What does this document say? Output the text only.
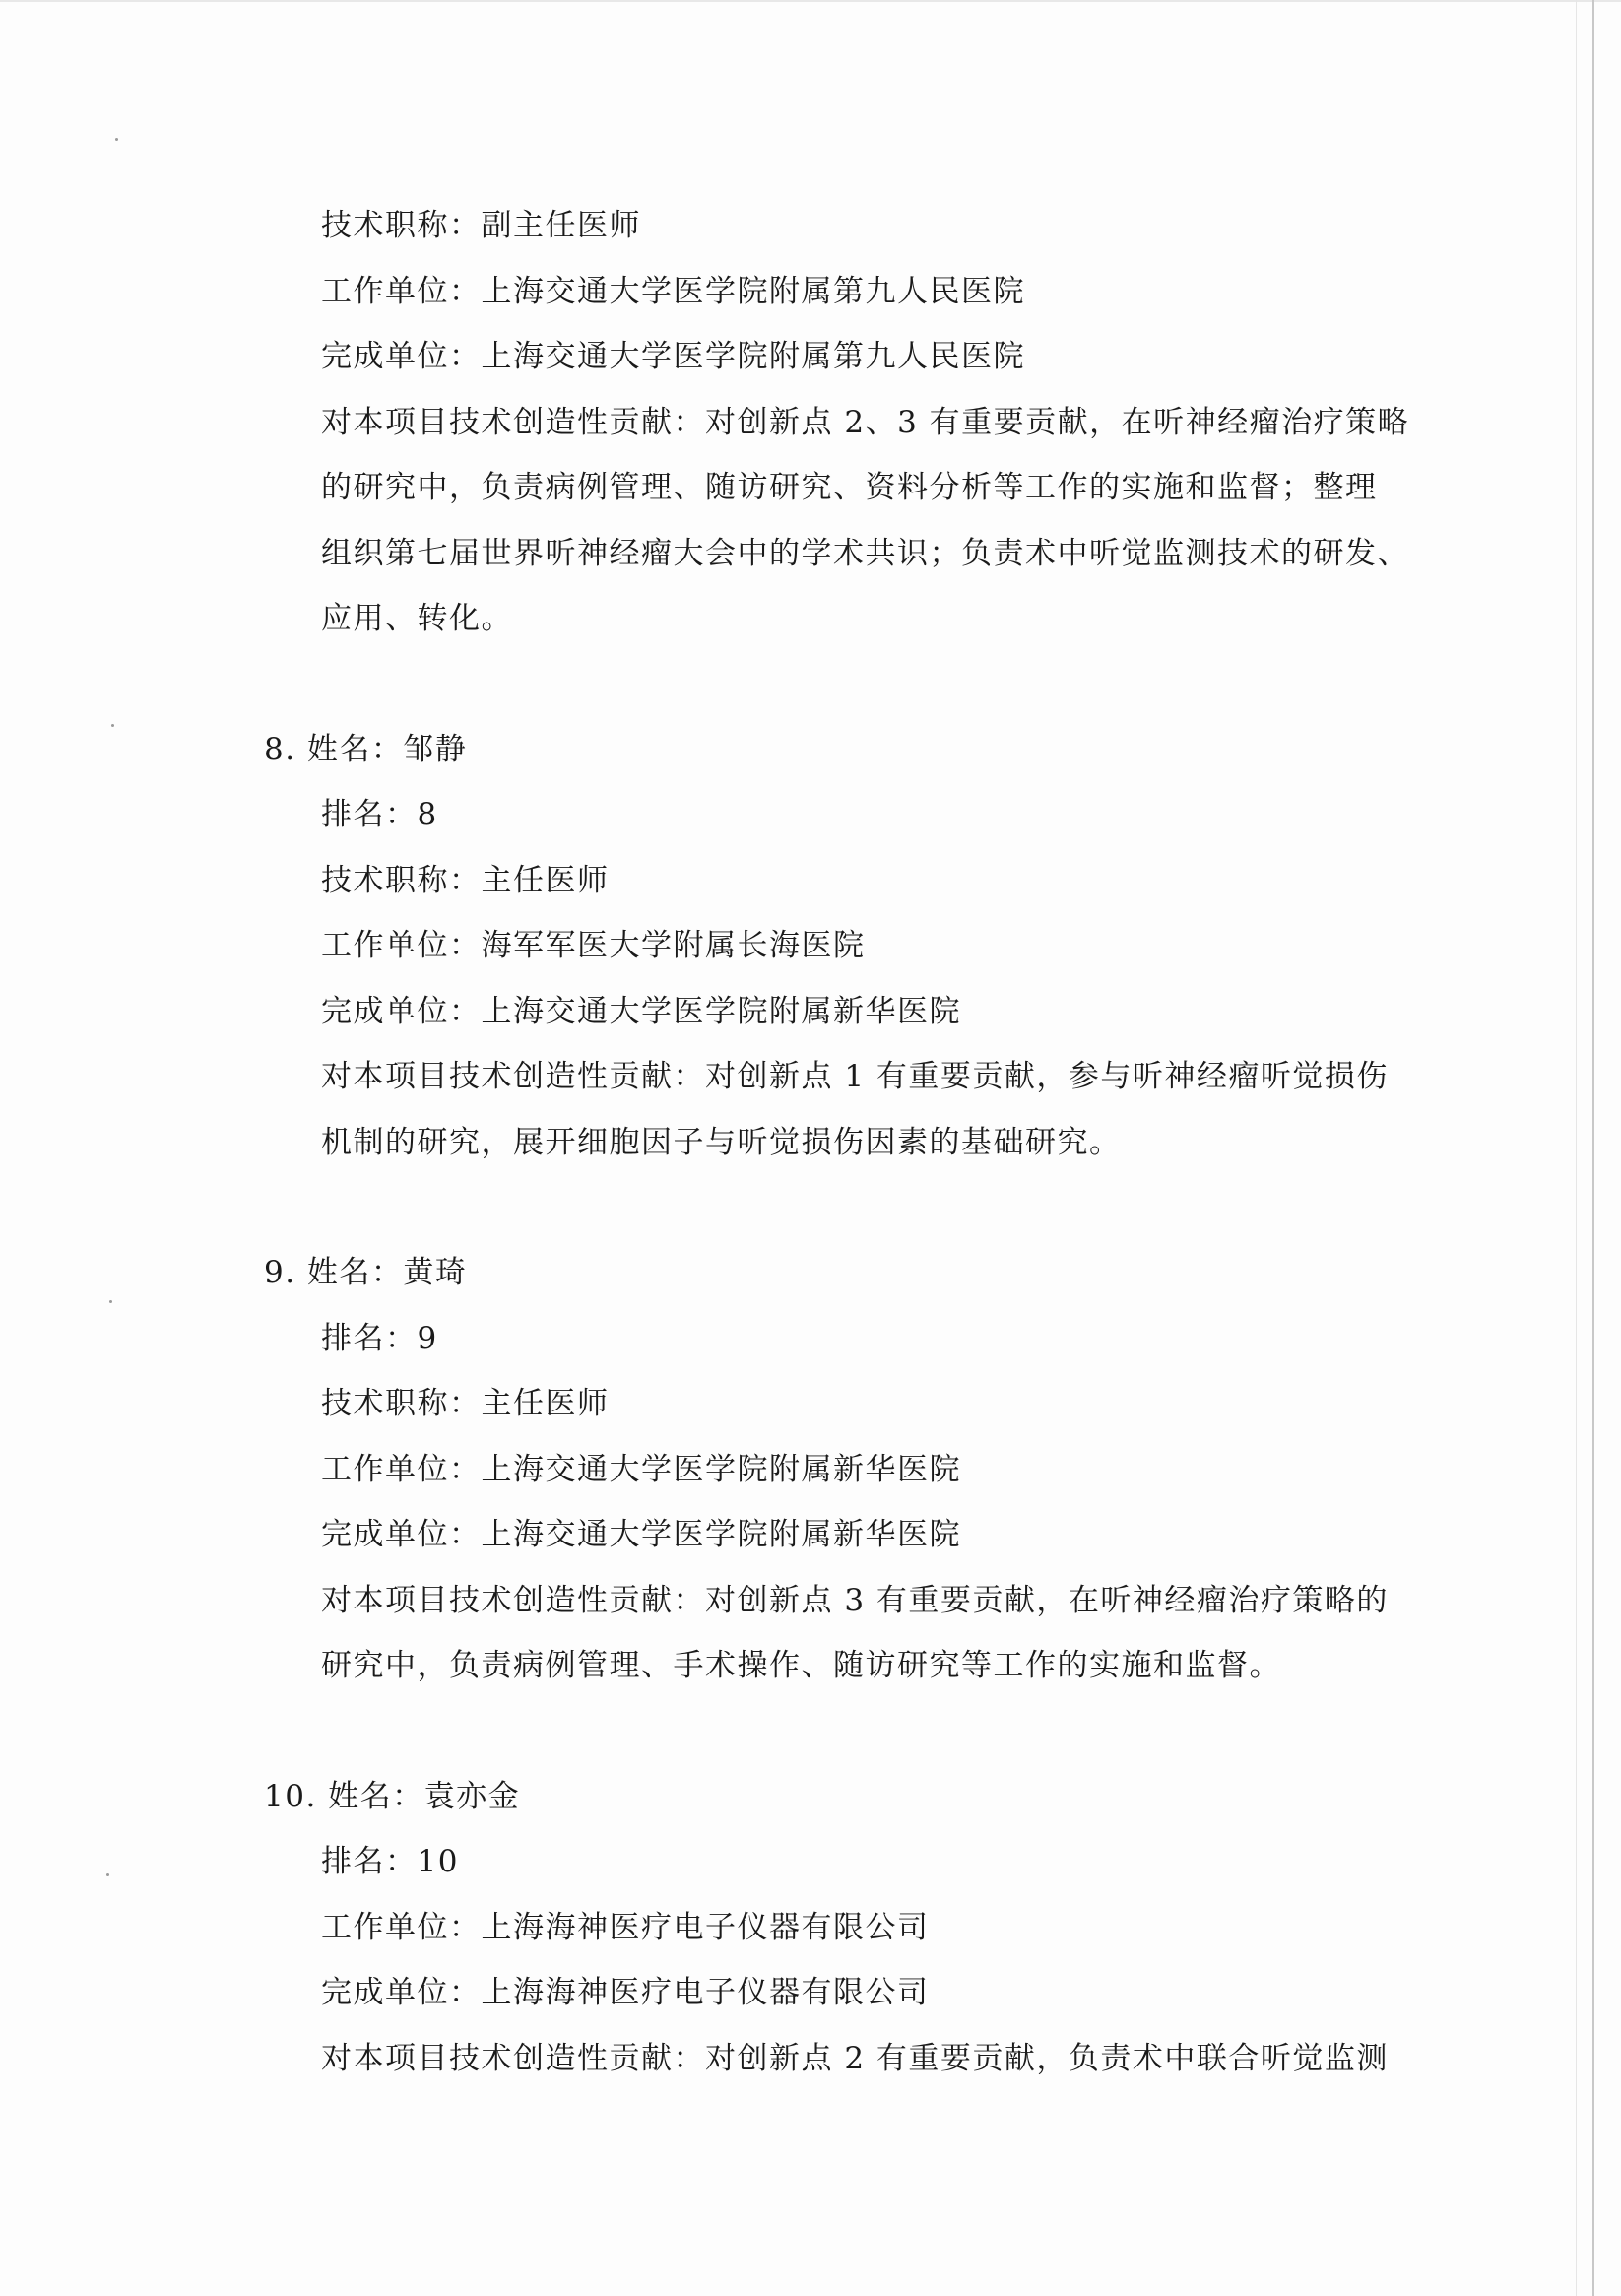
技术职称：副主任医师
工作单位：上海交通大学医学院附属第九人民医院
完成单位：上海交通大学医学院附属第九人民医院
对本项目技术创造性贡献：对创新点 2、3 有重要贡献，在听神经瘤治疗策略
的研究中，负责病例管理、随访研究、资料分析等工作的实施和监督；整理
组织第七届世界听神经瘤大会中的学术共识；负责术中听觉监测技术的研发、
应用、转化。
8. 姓名：邹静
排名：8
技术职称：主任医师
工作单位：海军军医大学附属长海医院
完成单位：上海交通大学医学院附属新华医院
对本项目技术创造性贡献：对创新点 1 有重要贡献，参与听神经瘤听觉损伤
机制的研究，展开细胞因子与听觉损伤因素的基础研究。
9. 姓名：黄琦
排名：9
技术职称：主任医师
工作单位：上海交通大学医学院附属新华医院
完成单位：上海交通大学医学院附属新华医院
对本项目技术创造性贡献：对创新点 3 有重要贡献，在听神经瘤治疗策略的
研究中，负责病例管理、手术操作、随访研究等工作的实施和监督。
10. 姓名：袁亦金
排名：10
工作单位：上海海神医疗电子仪器有限公司
完成单位：上海海神医疗电子仪器有限公司
对本项目技术创造性贡献：对创新点 2 有重要贡献，负责术中联合听觉监测
